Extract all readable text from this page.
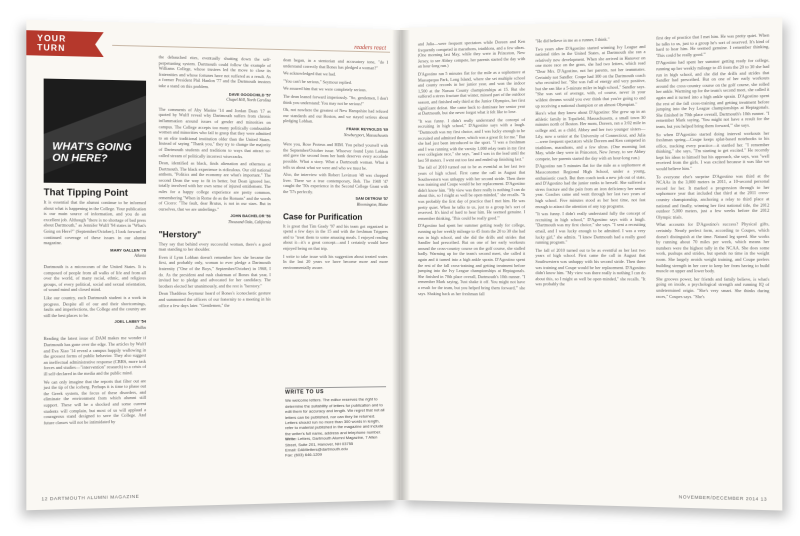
YOUR TURN	readers react
WHAT'S GOING ON HERE?
That Tipping Point

It is essential that the alumni continue to be informed about what is happening in the College. Your publication is our main source of information, and you do an excellent job. Although "there is no shortage of bad press about Dartmouth," as Jennifer Wulff '94 states in "What's Going on Here?" (September/October), I look forward to continued coverage of these issues in our alumni magazine.

MARY GALLEN '78
Atlanta

Dartmouth is a microcosm of the United States. It is composed of people from all walks of life and from all over the world, of many racial, ethnic, and religious groups, of every political, social and sexual orientation, of sound mind and closed mind.

Like our country, each Dartmouth student is a work in progress. Despite all of our and their shortcomings, faults and imperfections, the College and the country are still the best places to be.

JOEL LABEY '54
Dallas

Reading the latest issue of DAM makes me wonder if Dartmouth has gone over the edge. The articles by Wulff and Eva Xiao '14 reveal a campus happily wallowing in the grossest forms of public behavior. They also suggest an ineffectual administrative response (CBRS, more task forces and studies—"intervention" research) to a crisis of ill self-declared in the media and the public mind.

We can only imagine that the reports that filter out are just the tip of the iceberg. Perhaps it is time to phase out the Greek system, the focus of these disorders, and eliminate the environment from which alumni still support. These will be a shocked and some current students will complain, but most of us will applaud a courageous stand designed to save the College. And future classes will not be intimidated by

the debauched rites, eventually shutting down the self-perpetuating system. Dartmouth could follow the example of Williams College, whose trustees led the move to close its fraternities and whose fortunes have not suffered as a result. As a former President Phil Hanlon '77 and the Dartmouth trustees take a stand on this problem.

DAVE GOODCHILD '57
Chapel Hill, North Carolina

The comments of Aby Marine '14 and Jordan Dean '17 as quoted by Wulff reveal why Dartmouth suffers from chronic inflammation around issues of gender and minorities on campus. The College accepts too many politically combustible women and minorities who fail to grasp that they were admitted to an elite traditional institution older than the United States. Instead of saying "Thank you," they try to change the majority of Dartmouth students and traditions to ways that attract so-called stream of politically incorrect wisecracks.

Dean, identified as black, finds alienation and otherness at Dartmouth. The black experience is ridiculous. Our old national anthem, "Politics and the economy are what's important." The second Dean the way to fit in better, but Dean ignored her, totally involved with her own sense of injured entitlement. The rules for a happy college experience are pretty common, remembering "When in Rome do as the Romans" and the words of Cicero: "The fault, dear Brutus, is not in our stars. But in ourselves, that we are underlings."

JOHN BACHELOR '56
Thousand Oaks, California
"Herstory"

They say that behind every successful woman, there's a good man standing to her shoulder.

Even if Lynn Lobban doesn't remember how she became the first, and probably only, woman to ever pledge a Dartmouth fraternity ("One of the Boys," September/October) in 1968, I do. As the president and rush chairman of Bones that year, I invited her to pledge and advocated for her candidacy. The brothers elected her unanimously, and the rest is "herstory."

Dean Thaddeus Seymour heard of Bones's iconoclastic gesture and summoned the officers of our fraternity to a meeting in his office a few days later. "Gentlemen," the

dean began, in a stentorian and accusatory tone, "do I understand correctly that Bones has pledged a woman?"

We acknowledged that we had.

"You can't be serious," Seymour replied.

We assured him that we were completely serious.

The dean leaned forward imperiously. "So, gentlemen, I don't think you understand: You may not be serious!"

Ok, not nowhere the greatest of New Hampshire had refused our standards and our Boston, and we stayed serious about pledging Lobban.

FRANK REYNOLDS '69
Newburyport, Massachusetts

Were you, Rose Proteus and HIM. You pelted yourself with the September/October issue. Whoever found Lynn Lobban and gave the second from her bank deserves every accolade possible. What a story. What a Dartmouth woman. What it tells us about what we were and who we must be.

Also, the interview with Robert Levinson '48 was chopped liver. There we a true contemporary, Bob. The 1948 '47 caught the '50s experience in the Second College Grant with the '57s perfectly.

SAM DETROW '57
Bloomington, Maine
Case for Purification

It is great that Tim Grady '97 and his team got organized to spend a few days in the 15 and with the freshman Trippees and to "treat them to some amazing meals. I enjoyed reading about it—it's a great concept—and I certainly would have enjoyed being on that trip.

I write to take issue with his suggestion about treated water. In the last 20 years we have become more and more environmentally aware.

WRITE TO US
We welcome letters. The editor reserves the right to determine the suitability of letters for publication and to edit them for accuracy and length. We regret that not all letters can be published, nor can they be returned. Letters should run no more than 300 words in length, refer to material published in the magazine and include the writer's full name, address and telephone number.
Write: Letters, Dartmouth Alumni Magazine, 7 Allen Street, Suite 201, Hanover, NH 03755
Email: DAMletters@dartmouth.edu
Fax: (603) 646-1209
12 DARTMOUTH ALUMNI MAGAZINE

and Julia—were frequent spectators while Doreen and Ken frequently competed in marathons, triathlons, and a few ultras. (One morning last May, while they were in Princeton, New Jersey, to see Abbey compete, her parents started the day with an hour-long run.)

D'Agostino ran 5 minutes flat for the mile as a sophomore at Massapequa Park, Long Island, where she set multiple school and county records in her junior year, and won the indoor 1,500 at the Nassau County championships at 15. But she suffered a stress fracture that winter, missed part of the outdoor season, and finished only third at the Junior Olympics, her first significant defeat. She came back to dominate her senior year at Dartmouth, but she never forgot what it felt like to lose.

"It was funny. I didn't really understand the concept of recruiting in high school," D'Agostino says with a laugh. "Dartmouth was my first choice, and I was lucky enough to be recruited and admitted there, which was a great fit for me." But she had just been introduced to the sport. "I was a freshman and I was running with the varsity 1,000 relay team in my first ever collegiate race," she says, "and I was in the lead until the last 50 meters. I went out too fast and ended up finishing last."

The fall of 2010 turned out to be as eventful as her last two years of high school. First came the call in August that Southwestern was unhappy with her second stride. Then there was training and Coupe would be her replacement. D'Agostino didn't know him. "My view was there really is nothing I can do about this, so I might as well be open-minded," she recalls. "It was probably the first day of practice that I met him. He was pretty quiet. When he talks to us, just to a group he's sort of reserved. It's kind of hard to hear him. He seemed genuine. I remember thinking, 'This could be really good.'"

D'Agostino had spent her summer getting ready for college, running up her weekly mileage to 45 from the 20 to 30 she had run in high school, and she did the drills and strides that Sandler had prescribed. But on one of her early workouts around the cross-country course on the golf course, she stalled badly. Warming up for the team's second meet, she called it again and it turned into a high ankle sprain. D'Agostino spent the rest of the fall cross-training and getting treatment before jumping into the Ivy League championships at Heptagonals. She finished in 70th place overall, Dartmouth's 10th runner. "I remember Mark saying, 'Just shake it off. You might not have a result for the team, but you helped bring them forward,'" she says. Shaking back as her freshman fall

"He did believe in me as a runner, I think."

Two years after D'Agostino started winning Ivy League and national titles in the United States, at Dartmouth she ran a relatively new development. When she arrived in Hanover on one more race on the grass, she had two letters, which read "Dear Mrs. D'Agostino, not her parents, not her teammates. Certainly not Sandler. Coupe had 300 on the Dartmouth coach who recruited her. "She was full of energy and very positive, but she ran like a 5-minute miler in high school," Sandler says. "She was sort of average, with, of course, never in your wildest dreams would you ever think that you're going to end up receiving a national champion or an almost Olympian."

Here's what they know about D'Agostino: She grew up in an athletic family in Topsfield, Massachusetts, a small town 30 minutes north of Boston. Her mom, Doreen, ran a 3:02 mile in college and, as a child, Abbey and her two younger sisters—Lily, now a senior at the University of Connecticut, and Julia—were frequent spectators while Doreen and Ken competed in triathlons, marathons, and a few ultras. (One morning last May, while they were in Princeton, New Jersey, to see Abbey compete, her parents started the day with an hour-long run.)

D'Agostino ran 5 minutes flat for the mile as a sophomore at Massconomet Regional High School, under a young, enthusiastic coach. But then coach took a new job out of state, and D'Agostino had the junior ranks to herself. She suffered a stress fracture and the pain from an iron deficiency her senior year. Coaches came and went through her last two years of high school. Five minutes stood as her best time, not fast enough to attract the attention of any top programs.

"It was funny. I didn't really understand fully the concept of recruiting in high school," D'Agostino says with a laugh. "Dartmouth was my first choice," she says. "I sent a recruiting email, and I was lucky enough to be admitted. I was a very lucky girl," she admits. "I knew Dartmouth had a really good running program."

The fall of 2010 turned out to be as eventful as her last two years of high school. First came the call in August that Southwestern was unhappy with his second stride. Then there was training and Coupe would be her replacement. D'Agostino didn't know him. "My view was there really is nothing I can do about this, so I might as well be open-minded," she recalls. "It was probably the

first day of practice that I met him. He was pretty quiet. When he talks to us, just to a group he's sort of reserved. It's kind of hard to hear him. He seemed genuine. I remember thinking, 'This could be really good.'"

D'Agostino had spent her summer getting ready for college, running up her weekly mileage to 45 from the 20 to 30 she had run in high school, and she did the drills and strides that Sandler had prescribed. But on one of her early workouts around the cross-country course on the golf course, she rolled her ankle. Warming up for the team's second meet, she called it again and it turned into a high ankle sprain. D'Agostino spent the rest of the fall cross-training and getting treatment before jumping into the Ivy League championships at Heptagonals. She finished in 70th place overall, Dartmouth's 10th runner. "I remember Mark saying, 'You might not have a result for the team, but you helped bring them forward,'" she says.

So when D'Agostino started doing interval workouts her freshman spring—Coupe keeps splat-based notebooks to his office, tracking every practice—it startled her. "I remember thinking," she says, "I'm starting to get excited." He recently kept his ideas to himself but his approach, she says, was "well received from the girls. I was excited because it was like we would believe him."

To everyone else's surprise D'Agostino was third at the NCAAs in the 3,000 meters in 2011, a 10-second personal record for her. It marked a progression through to her sophomore year that included that third at the 2011 cross-country championship, anchoring a relay to third place at national and finally, winning her first national title, the 2012 outdoor 5,000 meters, just a few weeks before the 2012 Olympic trials.

What accounts for D'Agostino's success? Physical gifts, certainly. Nearly perfect form, according to Coupes, which doesn't distinguish at the time. Natural leg speed. She works by running about 70 miles per week, which means her numbers were the highest tally in the NCAA. She does some work, pushups and strides, but spends no time in the weight room. She largely avoids weight training, and Coupe prefers building strength in her core to keep her from having to build muscle on upper and lower body.

She grooves power, her friends and family believe, is what's going on inside, a psychological strength and running IQ of undetermined origin. "She's very smart. She thinks during races," Coupes says. "She's

NOVEMBER/DECEMBER 2014 13
